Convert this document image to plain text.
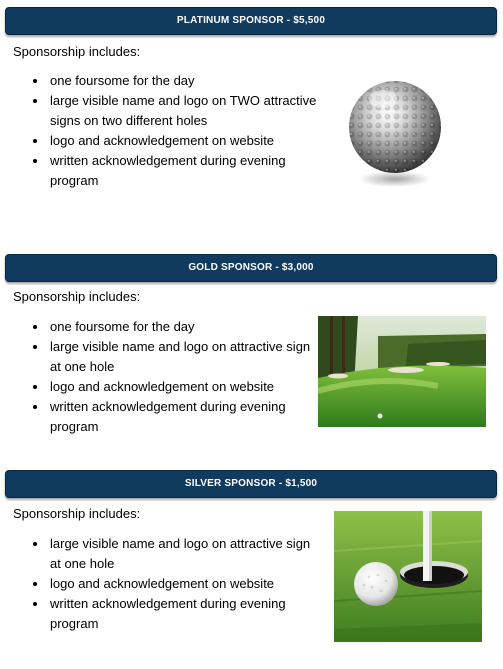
PLATINUM SPONSOR - $5,500
Sponsorship includes:
one foursome for the day
large visible name and logo on TWO attractive signs on two different holes
logo and acknowledgement on website
written acknowledgement during evening program
GOLD SPONSOR - $3,000
Sponsorship includes:
one foursome for the day
large visible name and logo on attractive sign at one hole
logo and acknowledgement on website
written acknowledgement during evening program
SILVER SPONSOR - $1,500
Sponsorship includes:
large visible name and logo on attractive sign at one hole
logo and acknowledgement on website
written acknowledgement during evening program
